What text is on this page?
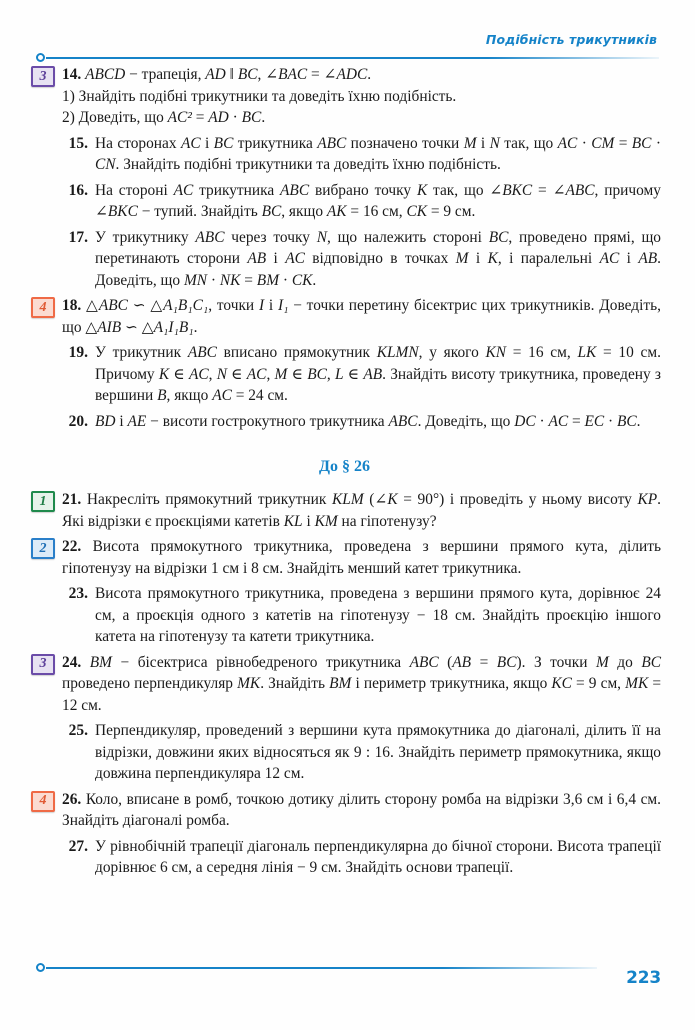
Подібність трикутників
3	14. ABCD − трапеція, AD ‖ BC, ∠BAC = ∠ADC.
1) Знайдіть подібні трикутники та доведіть їхню подібність.
2) Доведіть, що AC² = AD · BC.
15. На сторонах AC і BC трикутника ABC позначено точки M і N так, що AC · CM = BC · CN. Знайдіть подібні трикутники та доведіть їхню подібність.
16. На стороні AC трикутника ABC вибрано точку K так, що ∠BKC = ∠ABC, причому ∠BKC − тупий. Знайдіть BC, якщо AK = 16 см, CK = 9 см.
17. У трикутнику ABC через точку N, що належить стороні BC, проведено прямі, що перетинають сторони AB і AC відповідно в точках M і K, і паралельні AC і AB. Доведіть, що MN · NK = BM · CK.
4	18. △ABC ∽ △A₁B₁C₁, точки I і I₁ − точки перетину бісектрис цих трикутників. Доведіть, що △AIB ∽ △A₁I₁B₁.
19. У трикутник ABC вписано прямокутник KLMN, у якого KN = 16 см, LK = 10 см. Причому K ∈ AC, N ∈ AC, M ∈ BC, L ∈ AB. Знайдіть висоту трикутника, проведену з вершини B, якщо AC = 24 см.
20. BD і AE − висоти гострокутного трикутника ABC. Доведіть, що DC · AC = EC · BC.
До § 26
1	21. Накресліть прямокутний трикутник KLM (∠K = 90°) і проведіть у ньому висоту KP. Які відрізки є проєкціями катетів KL і KM на гіпотенузу?
2	22. Висота прямокутного трикутника, проведена з вершини прямого кута, ділить гіпотенузу на відрізки 1 см і 8 см. Знайдіть менший катет трикутника.
23. Висота прямокутного трикутника, проведена з вершини прямого кута, дорівнює 24 см, а проєкція одного з катетів на гіпотенузу − 18 см. Знайдіть проєкцію іншого катета на гіпотенузу та катети трикутника.
3	24. BM − бісектриса рівнобедреного трикутника ABC (AB = BC). З точки M до BC проведено перпендикуляр MK. Знайдіть BM і периметр трикутника, якщо KC = 9 см, MK = 12 см.
25. Перпендикуляр, проведений з вершини кута прямокутника до діагоналі, ділить її на відрізки, довжини яких відносяться як 9 : 16. Знайдіть периметр прямокутника, якщо довжина перпендикуляра 12 см.
4	26. Коло, вписане в ромб, точкою дотику ділить сторону ромба на відрізки 3,6 см і 6,4 см. Знайдіть діагоналі ромба.
27. У рівнобічній трапеції діагональ перпендикулярна до бічної сторони. Висота трапеції дорівнює 6 см, а середня лінія − 9 см. Знайдіть основи трапеції.
223
